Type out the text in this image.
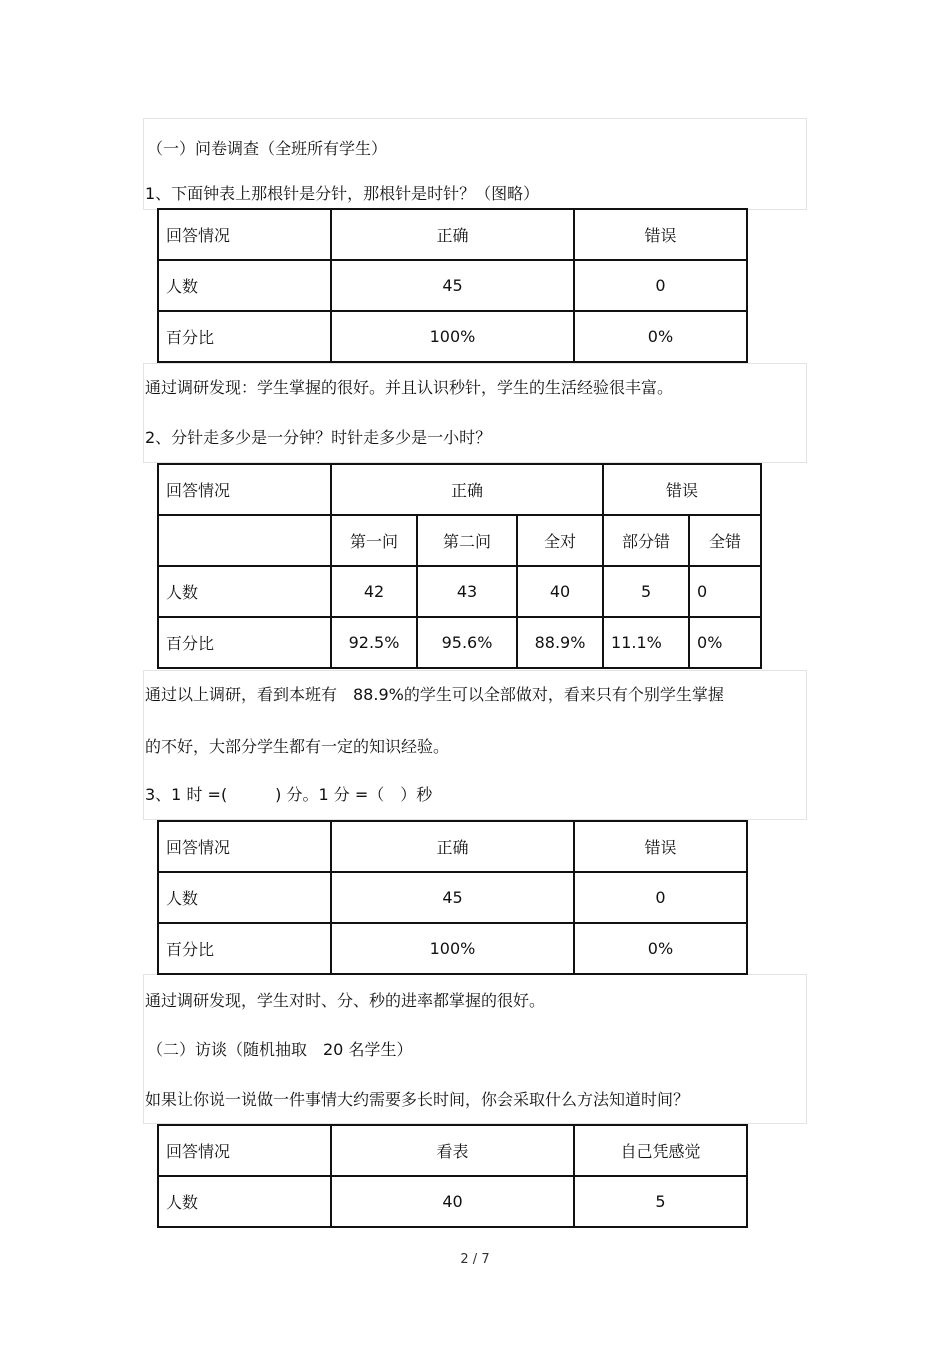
（一）问卷调查（全班所有学生）
1、下面钟表上那根针是分针，那根针是时针？（图略）
回答情况	正确	错误
人数	45	0
百分比	100%	0%
通过调研发现：学生掌握的很好。并且认识秒针，学生的生活经验很丰富。
2、分针走多少是一分钟？时针走多少是一小时？
回答情况	正确			错误	
	第一问	第二问	全对	部分错	全错
人数	42	43	40	5	0
百分比	92.5%	95.6%	88.9%	11.1%	0%
通过以上调研，看到本班有　88.9%的学生可以全部做对，看来只有个别学生掌握
的不好，大部分学生都有一定的知识经验。
3、1 时 =(　　　) 分。1 分 =（　）秒
回答情况	正确	错误
人数	45	0
百分比	100%	0%
通过调研发现，学生对时、分、秒的进率都掌握的很好。
（二）访谈（随机抽取　20 名学生）
如果让你说一说做一件事情大约需要多长时间，你会采取什么方法知道时间？
回答情况	看表	自己凭感觉
人数	40	5
2 / 7
